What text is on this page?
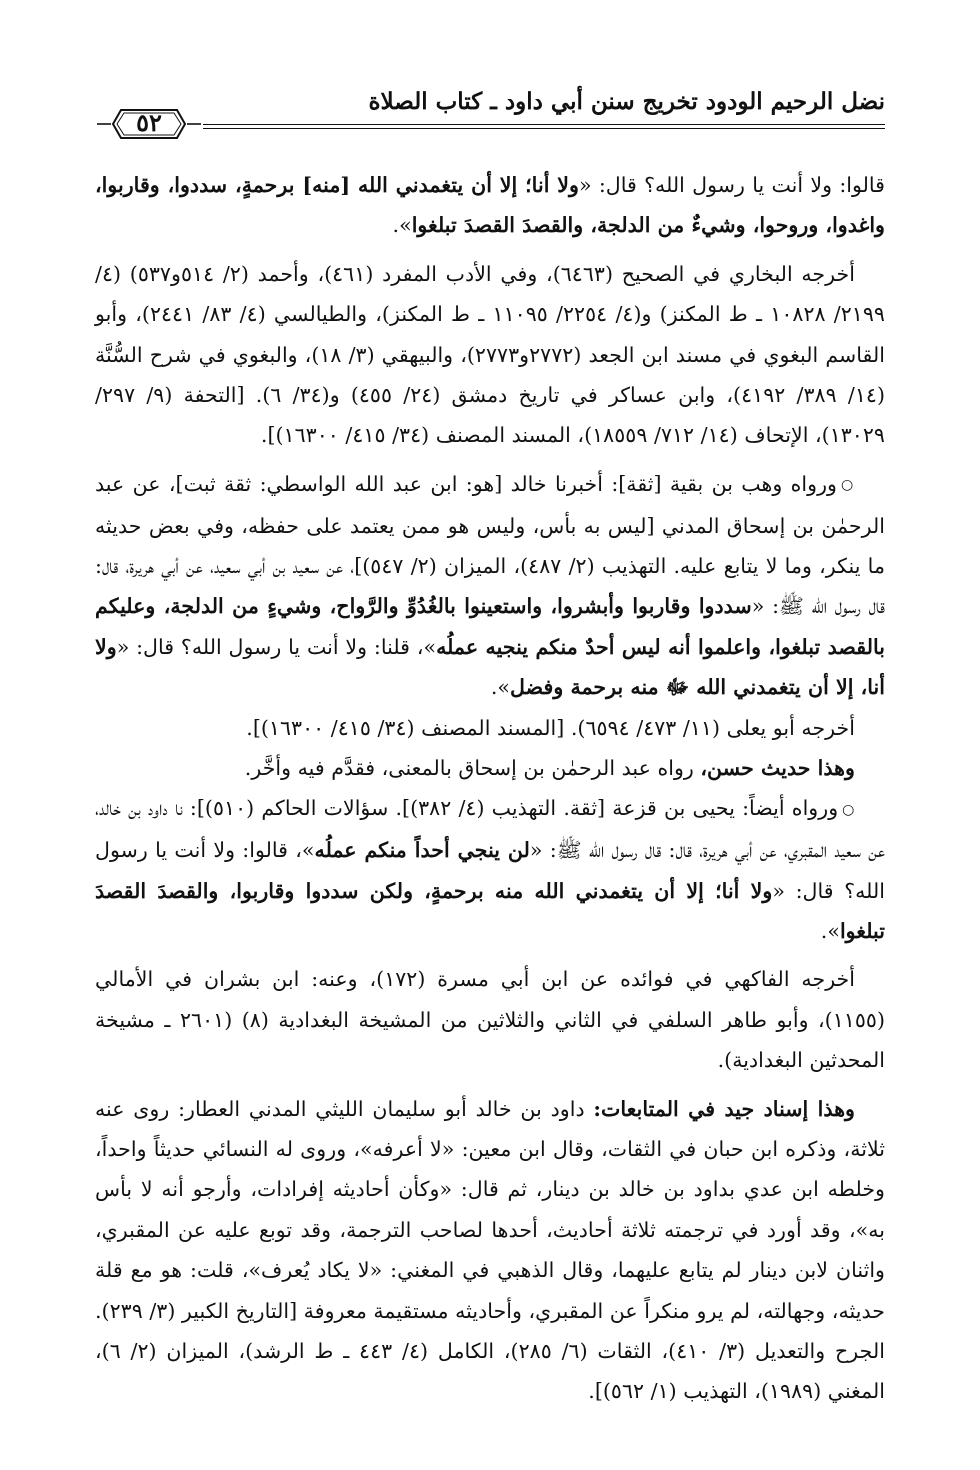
نضل الرحيم الودود تخريج سنن أبي داود ـ كتاب الصلاة
٥٢

قالوا: ولا أنت يا رسول الله؟ قال: «ولا أنا؛ إلا أن يتغمدني الله [منه] برحمةٍ، سددوا، وقاربوا، واغدوا، وروحوا، وشيءٌ من الدلجة، والقصدَ القصدَ تبلغوا».

أخرجه البخاري في الصحيح (٦٤٦٣)، وفي الأدب المفرد (٤٦١)، وأحمد (٢/ ٥١٤و٥٣٧) (٤/ ٢١٩٩/ ١٠٨٢٨ ـ ط المكنز) و(٤/ ٢٢٥٤/ ١١٠٩٥ ـ ط المكنز)، والطيالسي (٤/ ٨٣/ ٢٤٤١)، وأبو القاسم البغوي في مسند ابن الجعد (٢٧٧٢و٢٧٧٣)، والبيهقي (٣/ ١٨)، والبغوي في شرح السُّنَّة (١٤/ ٣٨٩/ ٤١٩٢)، وابن عساكر في تاريخ دمشق (٢٤/ ٤٥٥) و(٣٤/ ٦). [التحفة (٩/ ٢٩٧/ ١٣٠٢٩)، الإتحاف (١٤/ ٧١٢/ ١٨٥٥٩)، المسند المصنف (٣٤/ ٤١٥/ ١٦٣٠٠)].

○ورواه وهب بن بقية [ثقة]: أخبرنا خالد [هو: ابن عبد الله الواسطي: ثقة ثبت]، عن عبد الرحمٰن بن إسحاق المدني [ليس به بأس، وليس هو ممن يعتمد على حفظه، وفي بعض حديثه ما ينكر، وما لا يتابع عليه. التهذيب (٢/ ٤٨٧)، الميزان (٢/ ٥٤٧)]، عن سعيد بن أبي سعيد، عن أبي هريرة، قال: قال رسول الله ﷺ: «سددوا وقاربوا وأبشروا، واستعينوا بالغُدُوِّ والرَّواح، وشيءٍ من الدلجة، وعليكم بالقصد تبلغوا، واعلموا أنه ليس أحدٌ منكم ينجيه عملُه»، قلنا: ولا أنت يا رسول الله؟ قال: «ولا أنا، إلا أن يتغمدني الله ﷻ منه برحمة وفضل».

أخرجه أبو يعلى (١١/ ٤٧٣/ ٦٥٩٤). [المسند المصنف (٣٤/ ٤١٥/ ١٦٣٠٠)].

وهذا حديث حسن، رواه عبد الرحمٰن بن إسحاق بالمعنى، فقدَّم فيه وأخَّر.

○ورواه أيضاً: يحيى بن قزعة [ثقة. التهذيب (٤/ ٣٨٢)]. سؤالات الحاكم (٥١٠)]: نا داود بن خالد، عن سعيد المقبري، عن أبي هريرة، قال: قال رسول الله ﷺ: «لن ينجي أحداً منكم عملُه»، قالوا: ولا أنت يا رسول الله؟ قال: «ولا أنا؛ إلا أن يتغمدني الله منه برحمةٍ، ولكن سددوا وقاربوا، والقصدَ القصدَ تبلغوا».

أخرجه الفاكهي في فوائده عن ابن أبي مسرة (١٧٢)، وعنه: ابن بشران في الأمالي (١١٥٥)، وأبو طاهر السلفي في الثاني والثلاثين من المشيخة البغدادية (٨) (٢٦٠١ ـ مشيخة المحدثين البغدادية).

وهذا إسناد جيد في المتابعات: داود بن خالد أبو سليمان الليثي المدني العطار: روى عنه ثلاثة، وذكره ابن حبان في الثقات، وقال ابن معين: «لا أعرفه»، وروى له النسائي حديثاً واحداً، وخلطه ابن عدي بداود بن خالد بن دينار، ثم قال: «وكأن أحاديثه إفرادات، وأرجو أنه لا بأس به»، وقد أورد في ترجمته ثلاثة أحاديث، أحدها لصاحب الترجمة، وقد توبع عليه عن المقبري، واثنان لابن دينار لم يتابع عليهما، وقال الذهبي في المغني: «لا يكاد يُعرف»، قلت: هو مع قلة حديثه، وجهالته، لم يرو منكراً عن المقبري، وأحاديثه مستقيمة معروفة [التاريخ الكبير (٣/ ٢٣٩). الجرح والتعديل (٣/ ٤١٠)، الثقات (٦/ ٢٨٥)، الكامل (٤/ ٤٤٣ ـ ط الرشد)، الميزان (٢/ ٦)، المغني (١٩٨٩)، التهذيب (١/ ٥٦٢)].
